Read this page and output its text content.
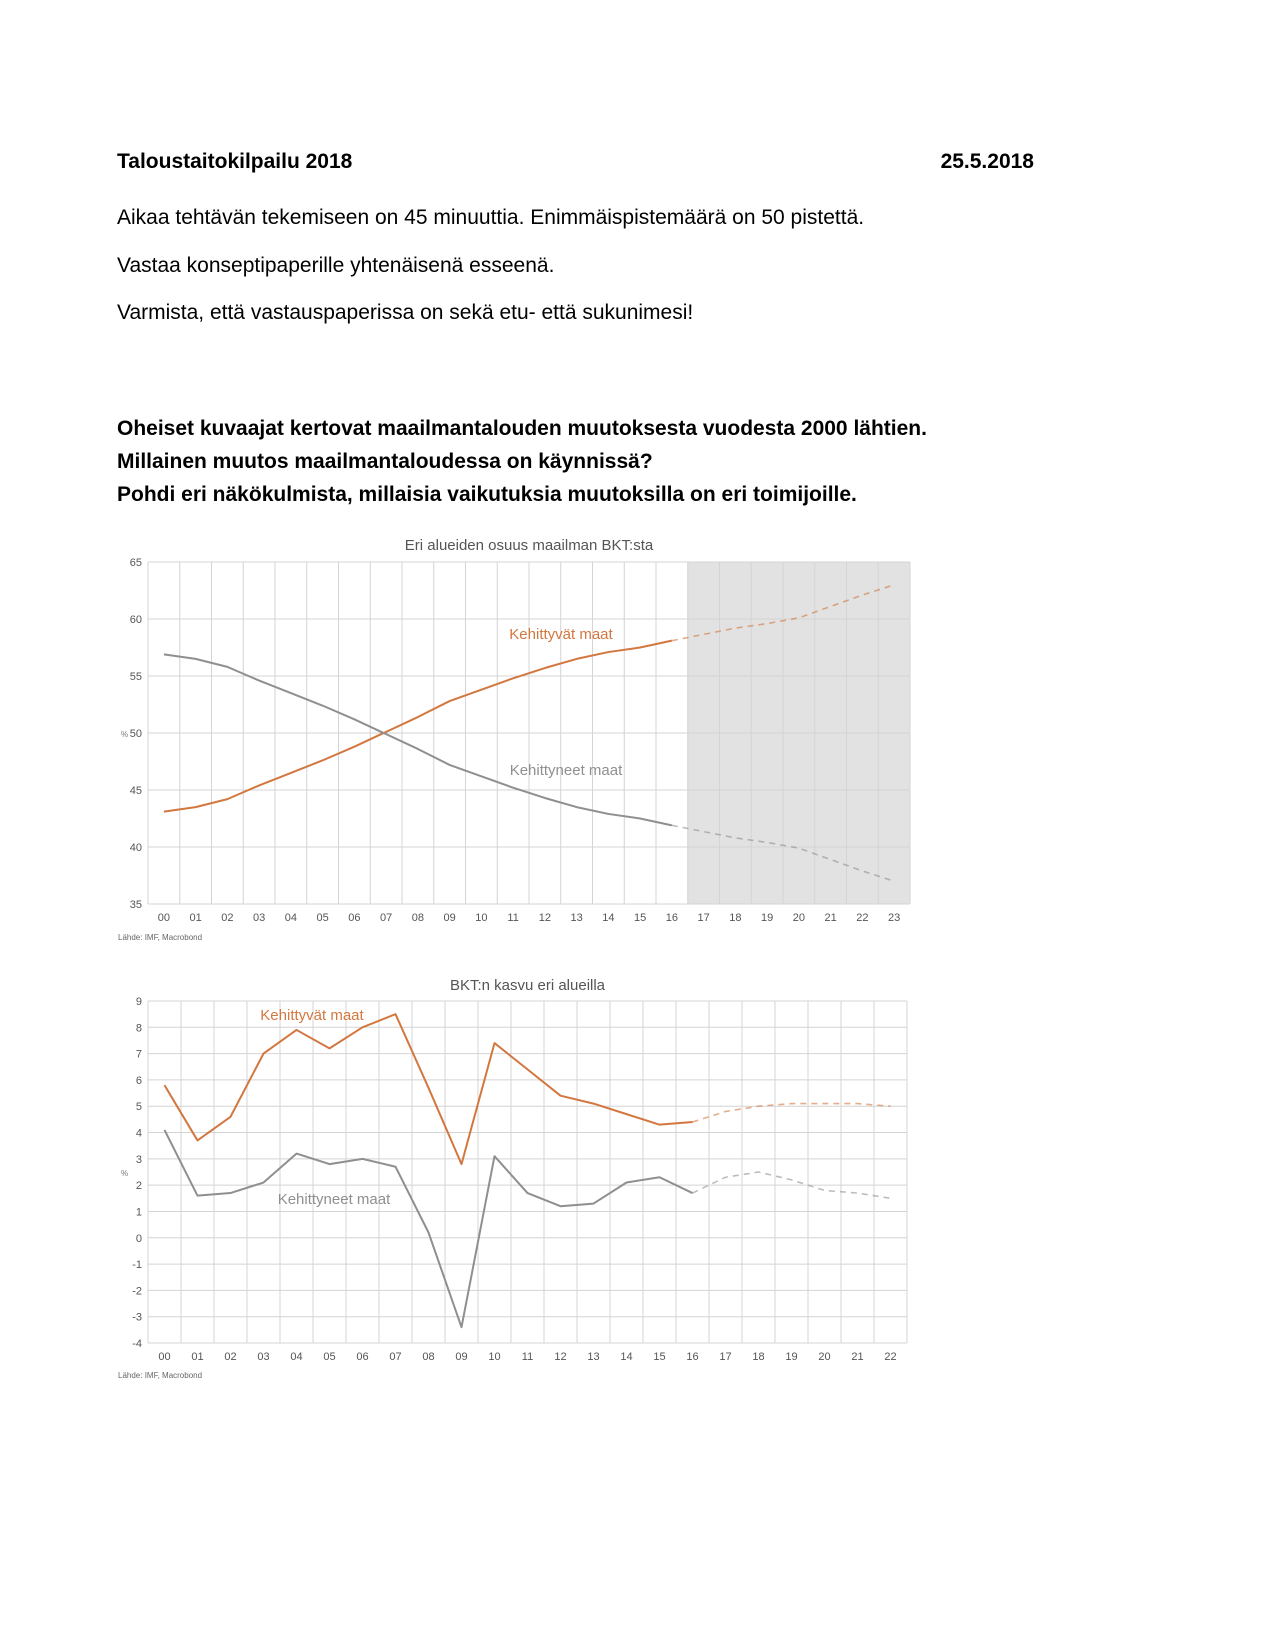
Taloustaitokilpailu 2018	25.5.2018
Aikaa tehtävän tekemiseen on 45 minuuttia. Enimmäispistemäärä on 50 pistettä.
Vastaa konseptipaperille yhtenäisenä esseenä.
Varmista, että vastauspaperissa on sekä etu- että sukunimesi!
Oheiset kuvaajat kertovat maailmantalouden muutoksesta vuodesta 2000 lähtien.
Millainen muutos maailmantaloudessa on käynnissä?
Pohdi eri näkökulmista, millaisia vaikutuksia muutoksilla on eri toimijoille.
35
40
45
50
55
60
65
00 01 02 03 04 05 06 07 08 09 10 11 12 13 14 15 16 17 18 19 20 21 22 23
Eri alueiden osuus maailman BKT:sta
%
Lähde: IMF, Macrobond
Kehittyvät maat
Kehittyneet maat
-4
-3
-2
-1
0
1
2
3
4
5
6
7
8
9
00 01 02 03 04 05 06 07 08 09 10 11 12 13 14 15 16 17 18 19 20 21 22
BKT:n kasvu eri alueilla
%
Lähde: IMF, Macrobond
Kehittyvät maat
Kehittyneet maat
